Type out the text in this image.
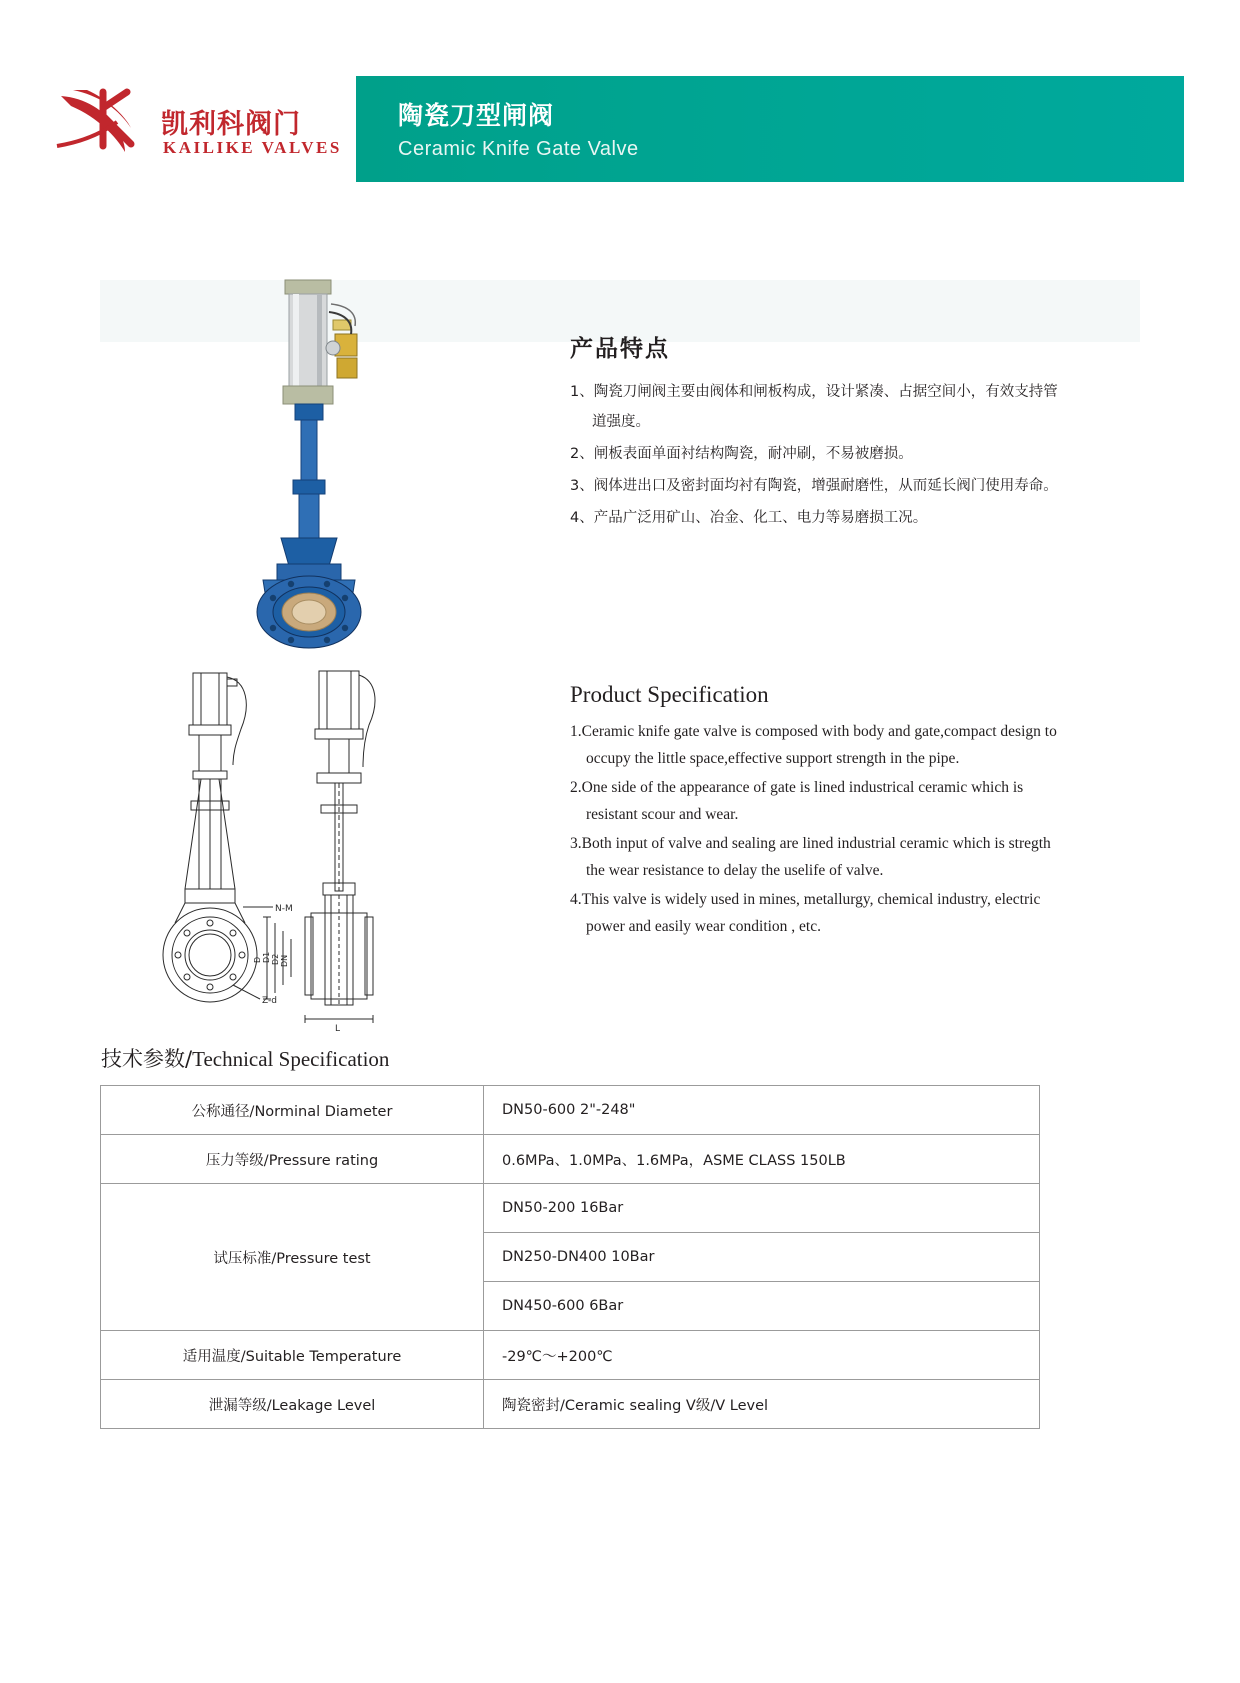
凯利科阀门
KAILIKE VALVES
陶瓷刀型闸阀
Ceramic Knife Gate Valve
产品特点
1、陶瓷刀闸阀主要由阀体和闸板构成，设计紧凑、占据空间小，有效支持管道强度。
2、闸板表面单面衬结构陶瓷，耐冲刷，不易被磨损。
3、阀体进出口及密封面均衬有陶瓷，增强耐磨性，从而延长阀门使用寿命。
4、产品广泛用矿山、冶金、化工、电力等易磨损工况。
Product Specification
1.Ceramic knife gate valve is composed with body and gate,compact design to occupy the little space,effective support strength in the pipe.
2.One side of the appearance of gate is lined industrical ceramic which is resistant scour and wear.
3.Both input of valve and sealing are lined industrial ceramic which is stregth the wear resistance to delay the uselife of valve.
4.This valve is widely used in mines, metallurgy, chemical industry, electric power and easily wear condition , etc.
N-M
Z-d
D D1 D2 DN
L
技术参数/Technical Specification
公称通径/Norminal Diameter	DN50-600 2"-248"
压力等级/Pressure rating	0.6MPa、1.0MPa、1.6MPa，ASME CLASS 150LB
试压标准/Pressure test	DN50-200 16Bar
	DN250-DN400 10Bar
	DN450-600 6Bar
适用温度/Suitable Temperature	-29℃～+200℃
泄漏等级/Leakage Level	陶瓷密封/Ceramic sealing V级/V Level
